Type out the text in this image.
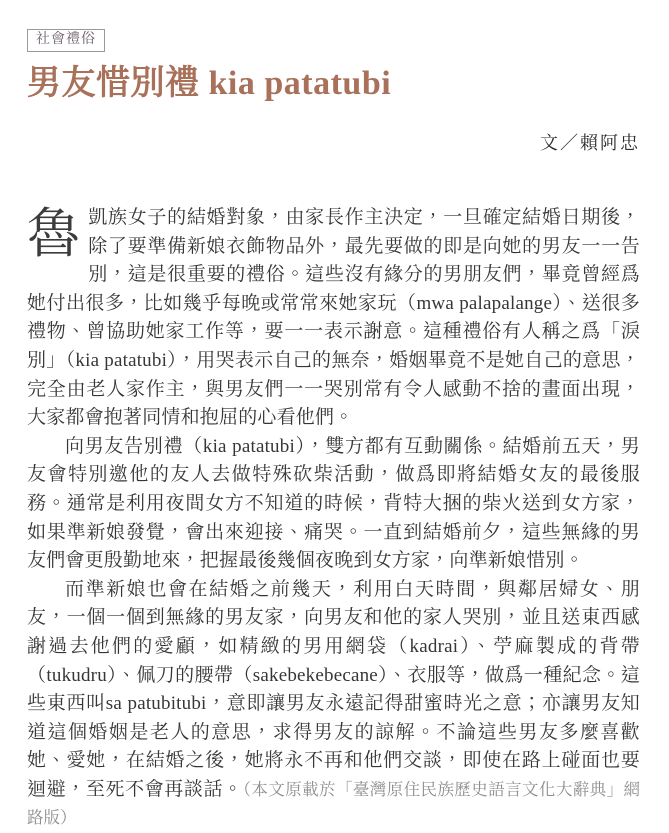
社會禮俗
男友惜別禮 kia patatubi
文／賴阿忠

魯凱族女子的結婚對象，由家長作主決定，一旦確定結婚日期後，除了要準備新娘衣飾物品外，最先要做的即是向她的男友一一告別，這是很重要的禮俗。這些沒有緣分的男朋友們，畢竟曾經爲她付出很多，比如幾乎每晚或常常來她家玩（mwa palapalange）、送很多禮物、曾協助她家工作等，要一一表示謝意。這種禮俗有人稱之爲「淚別」（kia patatubi），用哭表示自己的無奈，婚姻畢竟不是她自己的意思，完全由老人家作主，與男友們一一哭別常有令人感動不捨的畫面出現，大家都會抱著同情和抱屈的心看他們。

向男友告別禮（kia patatubi），雙方都有互動關係。結婚前五天，男友會特別邀他的友人去做特殊砍柴活動，做爲即將結婚女友的最後服務。通常是利用夜間女方不知道的時候，背特大捆的柴火送到女方家，如果準新娘發覺，會出來迎接、痛哭。一直到結婚前夕，這些無緣的男友們會更殷勤地來，把握最後幾個夜晚到女方家，向準新娘惜別。

而準新娘也會在結婚之前幾天，利用白天時間，與鄰居婦女、朋友，一個一個到無緣的男友家，向男友和他的家人哭別，並且送東西感謝過去他們的愛顧，如精緻的男用網袋（kadrai）、苧麻製成的背帶（tukudru）、佩刀的腰帶（sakebekebecane）、衣服等，做爲一種紀念。這些東西叫sa patubitubi，意即讓男友永遠記得甜蜜時光之意；亦讓男友知道這個婚姻是老人的意思，求得男友的諒解。不論這些男友多麼喜歡她、愛她，在結婚之後，她將永不再和他們交談，即使在路上碰面也要迴避，至死不會再談話。（本文原載於「臺灣原住民族歷史語言文化大辭典」網路版）
